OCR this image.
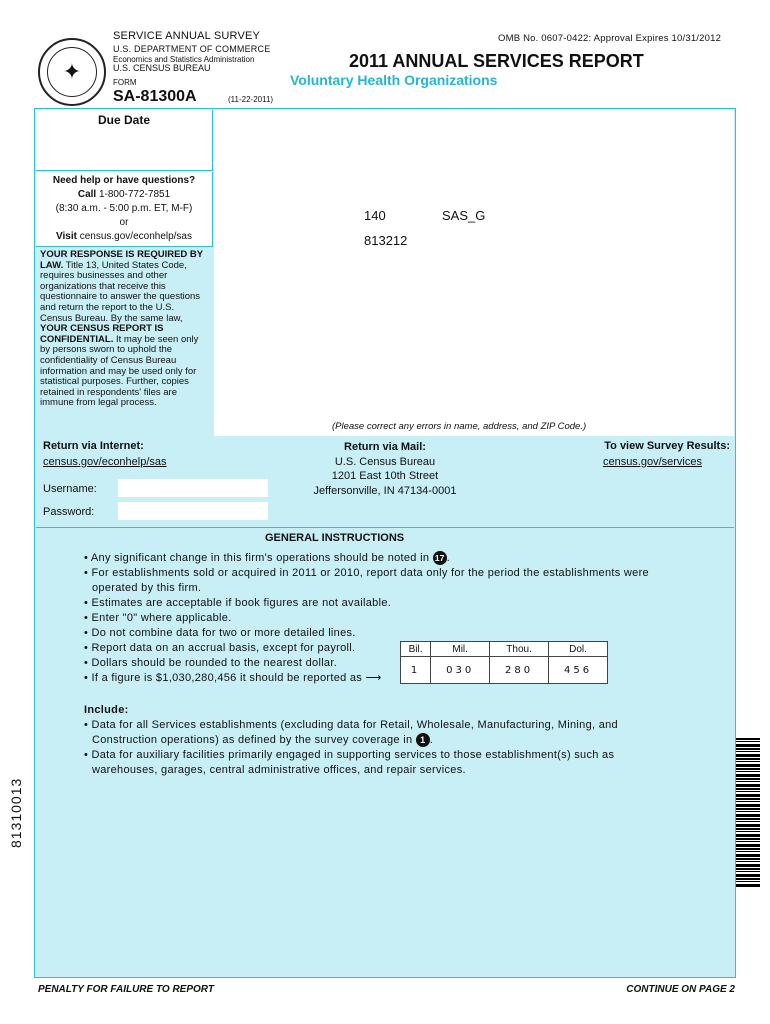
✦
SERVICE ANNUAL SURVEY	OMB No. 0607-0422: Approval Expires 10/31/2012
U.S. DEPARTMENT OF COMMERCE
Economics and Statistics Administration
U.S. CENSUS BUREAU
FORM
SA-81300A	(11-22-2011)
2011 ANNUAL SERVICES REPORT
Voluntary Health Organizations
Due Date
Need help or have questions?
Call 1-800-772-7851
(8:30 a.m. - 5:00 p.m. ET, M-F)
or
Visit census.gov/econhelp/sas
YOUR RESPONSE IS REQUIRED BY LAW. Title 13, United States Code, requires businesses and other organizations that receive this questionnaire to answer the questions and return the report to the U.S. Census Bureau. By the same law, YOUR CENSUS REPORT IS CONFIDENTIAL. It may be seen only by persons sworn to uphold the confidentiality of Census Bureau information and may be used only for statistical purposes. Further, copies retained in respondents' files are immune from legal process.
140	SAS_G
813212
(Please correct any errors in name, address, and ZIP Code.)
Return via Internet:
census.gov/econhelp/sas
Username:
Password:
Return via Mail:
U.S. Census Bureau
1201 East 10th Street
Jeffersonville, IN 47134-0001
To view Survey Results:
census.gov/services
GENERAL INSTRUCTIONS
• Any significant change in this firm's operations should be noted in 17 .
• For establishments sold or acquired in 2011 or 2010, report data only for the period the establishments were operated by this firm.
• Estimates are acceptable if book figures are not available.
• Enter "0" where applicable.
• Do not combine data for two or more detailed lines.
• Report data on an accrual basis, except for payroll.
• Dollars should be rounded to the nearest dollar.
• If a figure is $1,030,280,456 it should be reported as ⟶
Bil.	Mil.	Thou.	Dol.
1	030	280	456
Include:
• Data for all Services establishments (excluding data for Retail, Wholesale, Manufacturing, Mining, and Construction operations) as defined by the survey coverage in 1 .
• Data for auxiliary facilities primarily engaged in supporting services to those establishment(s) such as warehouses, garages, central administrative offices, and repair services.
81310013
PENALTY FOR FAILURE TO REPORT	CONTINUE ON PAGE 2
